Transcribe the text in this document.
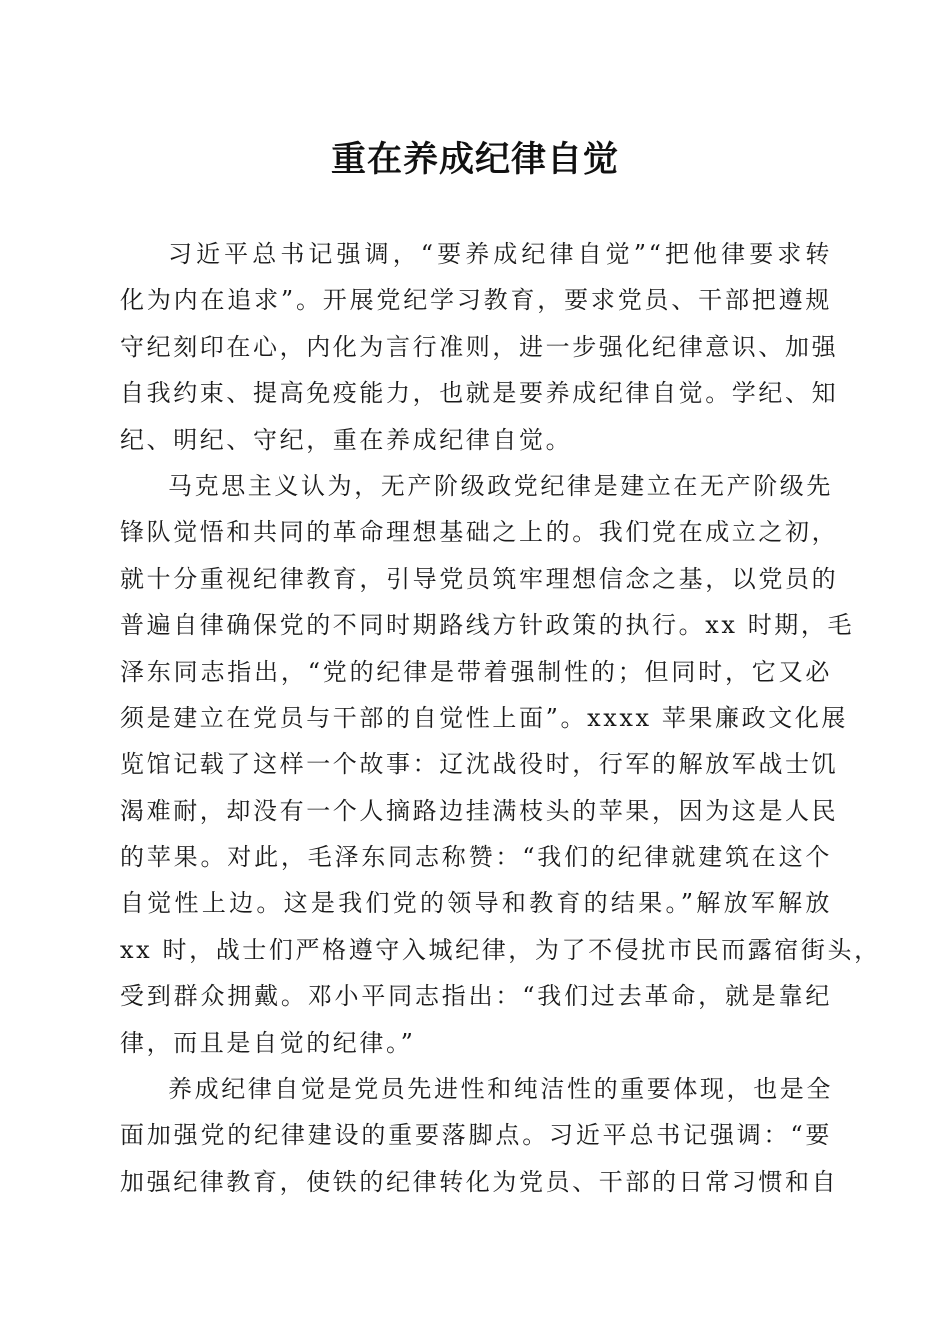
重在养成纪律自觉
习近平总书记强调，“要养成纪律自觉”“把他律要求转
化为内在追求”。开展党纪学习教育，要求党员、干部把遵规
守纪刻印在心，内化为言行准则，进一步强化纪律意识、加强
自我约束、提高免疫能力，也就是要养成纪律自觉。学纪、知
纪、明纪、守纪，重在养成纪律自觉。
马克思主义认为，无产阶级政党纪律是建立在无产阶级先
锋队觉悟和共同的革命理想基础之上的。我们党在成立之初，
就十分重视纪律教育，引导党员筑牢理想信念之基，以党员的
普遍自律确保党的不同时期路线方针政策的执行。xx 时期，毛
泽东同志指出，“党的纪律是带着强制性的；但同时，它又必
须是建立在党员与干部的自觉性上面”。xxxx 苹果廉政文化展
览馆记载了这样一个故事：辽沈战役时，行军的解放军战士饥
渴难耐，却没有一个人摘路边挂满枝头的苹果，因为这是人民
的苹果。对此，毛泽东同志称赞：“我们的纪律就建筑在这个
自觉性上边。这是我们党的领导和教育的结果。”解放军解放
xx 时，战士们严格遵守入城纪律，为了不侵扰市民而露宿街头，
受到群众拥戴。邓小平同志指出：“我们过去革命，就是靠纪
律，而且是自觉的纪律。”
养成纪律自觉是党员先进性和纯洁性的重要体现，也是全
面加强党的纪律建设的重要落脚点。习近平总书记强调：“要
加强纪律教育，使铁的纪律转化为党员、干部的日常习惯和自
